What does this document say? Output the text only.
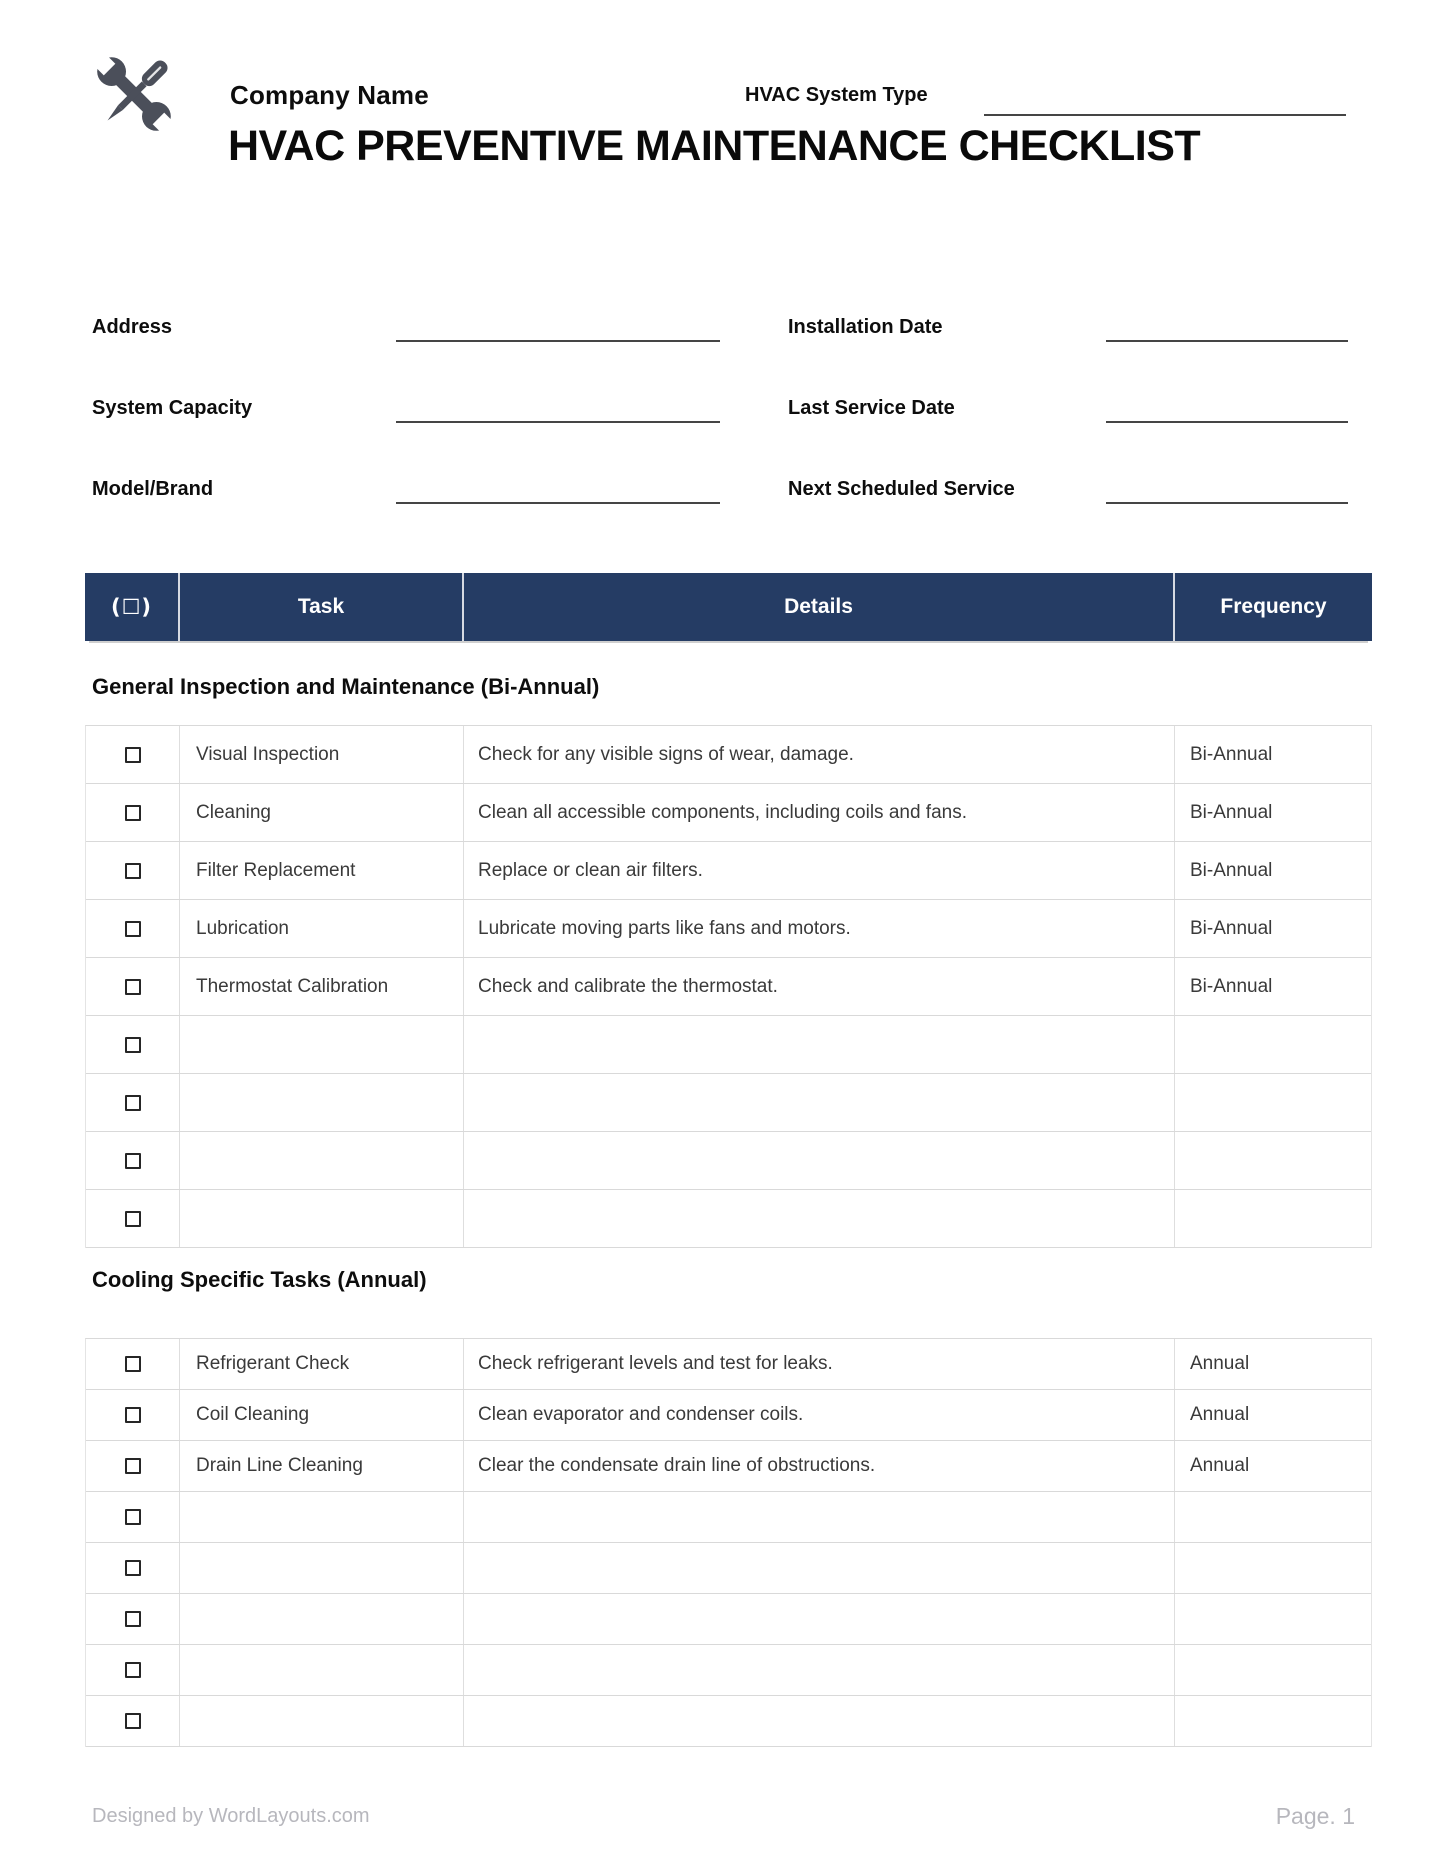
Company Name	HVAC System Type
HVAC PREVENTIVE MAINTENANCE CHECKLIST
Address
System Capacity
Model/Brand
Installation Date
Last Service Date
Next Scheduled Service
(☐)	Task	Details	Frequency
General Inspection and Maintenance (Bi-Annual)
Visual Inspection	Check for any visible signs of wear, damage.	Bi-Annual
Cleaning	Clean all accessible components, including coils and fans.	Bi-Annual
Filter Replacement	Replace or clean air filters.	Bi-Annual
Lubrication	Lubricate moving parts like fans and motors.	Bi-Annual
Thermostat Calibration	Check and calibrate the thermostat.	Bi-Annual
Cooling Specific Tasks (Annual)
Refrigerant Check	Check refrigerant levels and test for leaks.	Annual
Coil Cleaning	Clean evaporator and condenser coils.	Annual
Drain Line Cleaning	Clear the condensate drain line of obstructions.	Annual
Designed by WordLayouts.com	Page. 1
